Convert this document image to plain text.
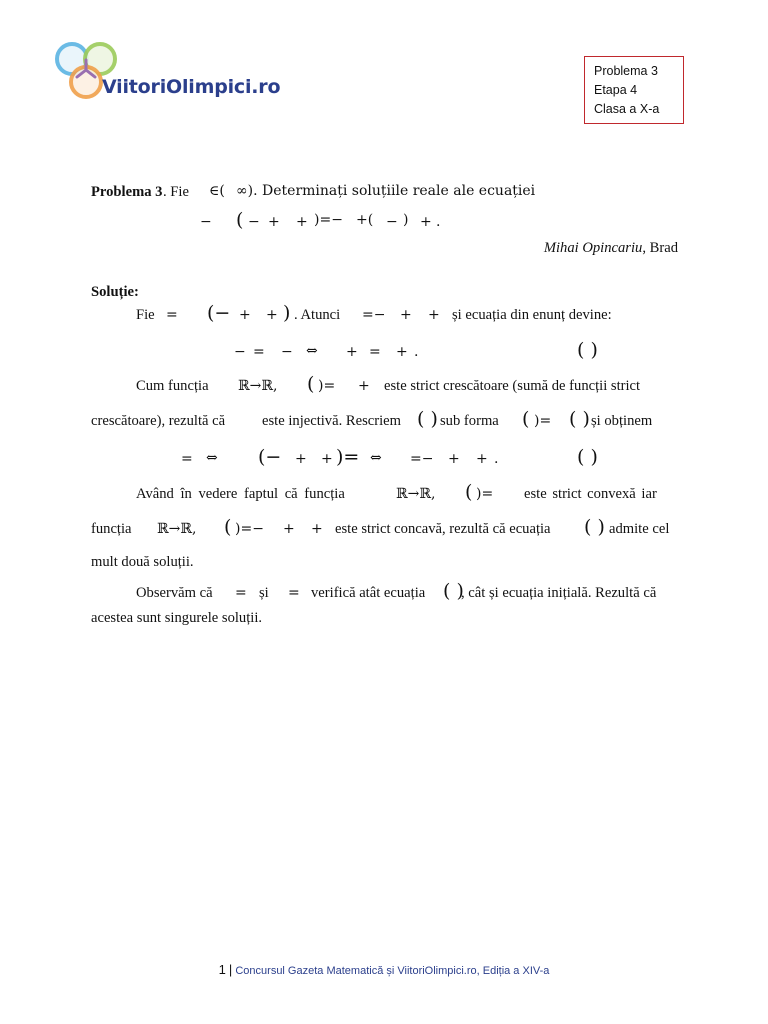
ViitoriOlimpici.ro
Problema 3
Etapa 4
Clasa a X-a
Problema 3 . Fie ∈( ∞). Determinați soluțiile reale ale ecuației
− ( − + + )=− +( − ) + .
Mihai Opincariu, Brad
Soluție:
Fie = (− + + ) . Atunci =− + + și ecuația din enunț devine:
− = − ⇔ + = + .	( )
Cum funcția ℝ→ℝ, ( )= + este strict crescătoare (sumă de funcții strict
crescătoare), rezultă că	este injectivă. Rescriem ( ) sub forma ( )= ( ) și obținem
= ⇔ (− + + )= ⇔ =− + + .	( )
Având în vedere faptul că funcția	ℝ→ℝ, ( )= este strict convexă iar
funcția ℝ→ℝ, ( )=− + + este strict concavă, rezultă că ecuația ( ) admite cel
mult două soluții.
Observăm că = și = verifică atât ecuația ( )
, cât și ecuația inițială. Rezultă că
acestea sunt singurele soluții.
1 | Concursul Gazeta Matematică și ViitoriOlimpici.ro, Ediția a XIV-a
